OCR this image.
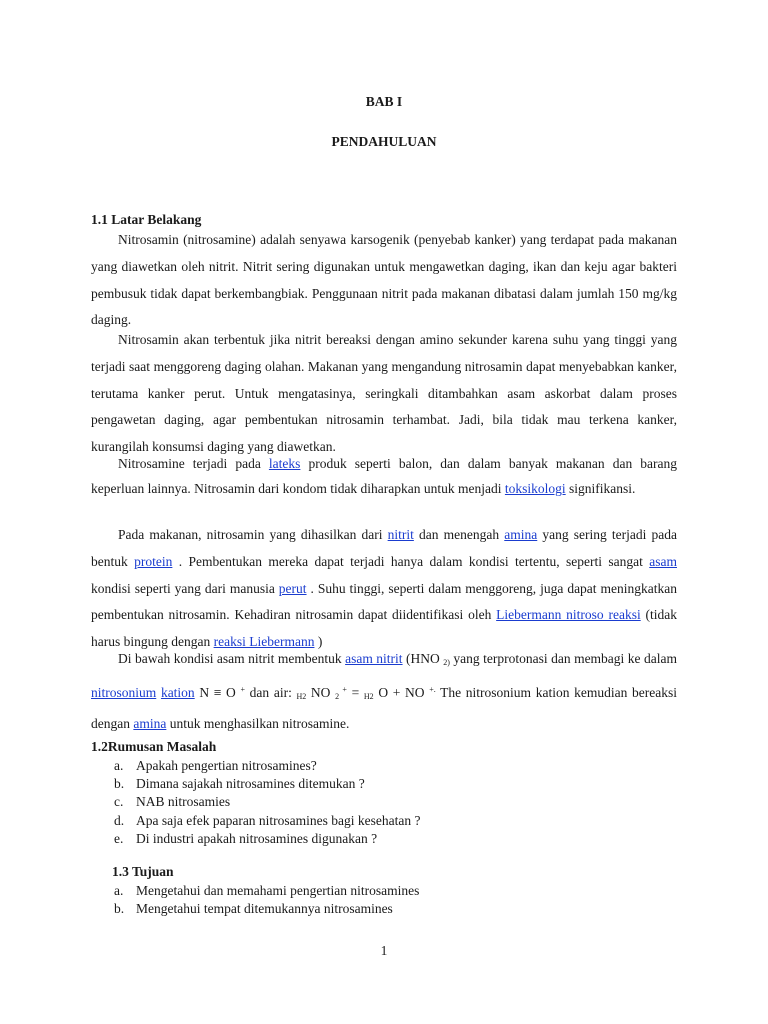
BAB I
PENDAHULUAN
1.1 Latar Belakang
Nitrosamin (nitrosamine) adalah senyawa karsogenik (penyebab kanker) yang terdapat pada makanan yang diawetkan oleh nitrit. Nitrit sering digunakan untuk mengawetkan daging, ikan dan keju agar bakteri pembusuk tidak dapat berkembangbiak. Penggunaan nitrit pada makanan dibatasi dalam jumlah 150 mg/kg daging.
Nitrosamin akan terbentuk jika nitrit bereaksi dengan amino sekunder karena suhu yang tinggi yang terjadi saat menggoreng daging olahan. Makanan yang mengandung nitrosamin dapat menyebabkan kanker, terutama kanker perut. Untuk mengatasinya, seringkali ditambahkan asam askorbat dalam proses pengawetan daging, agar pembentukan nitrosamin terhambat. Jadi, bila tidak mau terkena kanker, kurangilah konsumsi daging yang diawetkan.
Nitrosamine terjadi pada lateks produk seperti balon, dan dalam banyak makanan dan barang keperluan lainnya. Nitrosamin dari kondom tidak diharapkan untuk menjadi toksikologi signifikansi.
Pada makanan, nitrosamin yang dihasilkan dari nitrit dan menengah amina yang sering terjadi pada bentuk protein . Pembentukan mereka dapat terjadi hanya dalam kondisi tertentu, seperti sangat asam kondisi seperti yang dari manusia perut . Suhu tinggi, seperti dalam menggoreng, juga dapat meningkatkan pembentukan nitrosamin. Kehadiran nitrosamin dapat diidentifikasi oleh Liebermann nitroso reaksi (tidak harus bingung dengan reaksi Liebermann )
Di bawah kondisi asam nitrit membentuk asam nitrit (HNO $_{2)}$ yang terprotonasi dan membagi ke dalam nitrosonium kation N ≡ O + dan air: $_{H2}$ NO $_2$ + = $_{H2}$ O + NO +. The nitrosonium kation kemudian bereaksi dengan amina untuk menghasilkan nitrosamine.
1.2Rumusan Masalah
a. Apakah pengertian nitrosamines?
b. Dimana sajakah nitrosamines ditemukan ?
c. NAB nitrosamies
d. Apa saja efek paparan nitrosamines bagi kesehatan ?
e. Di industri apakah nitrosamines digunakan ?
1.3 Tujuan
a. Mengetahui dan memahami pengertian nitrosamines
b. Mengetahui tempat ditemukannya nitrosamines
1
